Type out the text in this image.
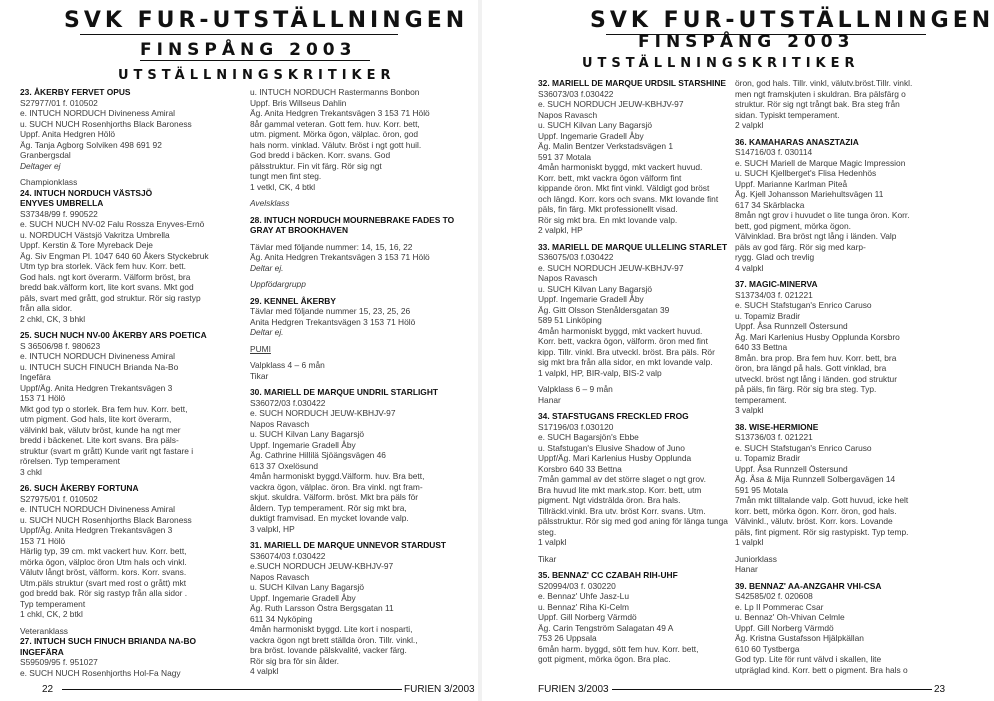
SVK FUR-UTSTÄLLNINGEN
FINSPÅNG 2003
UTSTÄLLNINGSKRITIKER

23. ÅKERBY FERVET OPUS

S27977/01 f. 010502

e. INTUCH NORDUCH Divineness Amiral

u. SUCH NUCH Rosenhjorths Black Baroness

Uppf. Anita Hedgren Hölö

Äg. Tanja Agborg Solviken 498 691 92

Granbergsdal

Deltager ej

Championklass

24. INTUCH NORDUCH VÄSTSJÖ

ENYVES UMBRELLA

S37348/99 f. 990522

e. SUCH NUCH NV-02 Falu Rossza Enyves-Ernö

u. NORDUCH Västsjö Vakritza Umbrella

Uppf. Kerstin & Tore Myreback Deje

Äg. Siv Engman Pl. 1047 640 60 Åkers Styckebruk

Utm typ bra storlek. Väck fem huv. Korr. bett.

God hals. ngt kort överarm. Välform bröst, bra

bredd bak.välform kort, lite kort svans. Mkt god

päls, svart med grått, god struktur. Rör sig rastyp

från alla sidor.

2 chkl, CK, 3 bhkl

25. SUCH NUCH NV-00 ÅKERBY ARS POETICA

S 36506/98 f. 980623

e. INTUCH NORDUCH Divineness Amiral

u. INTUCH SUCH FINUCH Brianda Na-Bo

Ingefära

Uppf/Äg. Anita Hedgren Trekantsvägen 3

153 71 Hölö

Mkt god typ o storlek. Bra fem huv. Korr. bett,

utm pigment. God hals, lite kort överarm,

välvinkl bak, välutv bröst, kunde ha ngt mer

bredd i bäckenet. Lite kort svans. Bra päls-

struktur (svart m grått) Kunde varit ngt fastare i

rörelsen. Typ temperament

3 chkl

26. SUCH ÅKERBY FORTUNA

S27975/01 f. 010502

e. INTUCH NORDUCH Divineness Amiral

u. SUCH NUCH Rosenhjorths Black Baroness

Uppf/Äg. Anita Hedgren Trekantsvägen 3

153 71 Hölö

Härlig typ, 39 cm. mkt vackert huv. Korr. bett,

mörka ögon, välploc öron Utm hals och vinkl.

Välutv långt bröst, välform. kors. Korr. svans.

Utm.päls struktur (svart med rost o grått) mkt

god bredd bak. Rör sig rastyp från alla sidor .

Typ temperament

1 chkl, CK, 2 btkl

Veteranklass

27. INTUCH SUCH FINUCH BRIANDA NA-BO

INGEFÄRA

S59509/95 f. 951027

e. SUCH NUCH Rosenhjorths Hol-Fa Nagy

u. INTUCH NORDUCH Rastermanns Bonbon

Uppf. Bris Willseus Dahlin

Äg. Anita Hedgren Trekantsvägen 3 153 71 Hölö

8år gammal veteran. Gott fem. huv. Korr. bett,

utm. pigment. Mörka ögon, välplac. öron, god

hals norm. vinklad. Välutv. Bröst i ngt gott huil.

God bredd i bäcken. Korr. svans. God

pälsstruktur. Fin vit färg. Rör sig ngt

tungt men fint steg.

1 vetkl, CK, 4 btkl

Avelsklass

28. INTUCH NORDUCH MOURNEBRAKE FADES TO

GRAY AT BROOKHAVEN

Tävlar med följande nummer: 14, 15, 16, 22

Äg. Anita Hedgren Trekantsvägen 3 153 71 Hölö

Deltar ej.

Uppfödargrupp

29. KENNEL ÅKERBY

Tävlar med följande nummer 15, 23, 25, 26

Anita Hedgren Trekantsvägen 3 153 71 Hölö

Deltar ej.

PUMI

Valpklass 4 – 6 mån

Tikar

30. MARIELL DE MARQUE UNDRIL STARLIGHT

S36072/03 f.030422

e. SUCH NORDUCH JEUW-KBHJV-97

Napos Ravasch

u. SUCH Kilvan Lany Bagarsjö

Uppf. Ingemarie Gradell Åby

Äg. Cathrine Hillilä Sjöängsvägen 46

613 37 Oxelösund

4mån harmoniskt byggd.Välform. huv. Bra bett,

vackra ögon, välplac. öron. Bra vinkl. ngt fram-

skjut. skuldra. Välform. bröst. Mkt bra päls för

åldern. Typ temperament. Rör sig mkt bra,

duktigt framvisad. En mycket lovande valp.

3 valpkl, HP

31. MARIELL DE MARQUE UNNEVOR STARDUST

S36074/03 f.030422

e.SUCH NORDUCH JEUW-KBHJV-97

Napos Ravasch

u. SUCH Kilvan Lany Bagarsjö

Uppf. Ingemarie Gradell Åby

Äg. Ruth Larsson Östra Bergsgatan 11

611 34 Nyköping

4mån harmoniskt byggd. Lite kort i nosparti,

vackra ögon ngt brett ställda öron. Tillr. vinkl.,

bra bröst. lovande pälskvalité, vacker färg.

Rör sig bra för sin ålder.

4 valpkl

22	FURIEN 3/2003
SVK FUR-UTSTÄLLNINGEN
FINSPÅNG 2003
UTSTÄLLNINGSKRITIKER

32. MARIELL DE MARQUE URDSIL STARSHINE

S36073/03 f.030422

e. SUCH NORDUCH JEUW-KBHJV-97

Napos Ravasch

u. SUCH Kilvan Lany Bagarsjö

Uppf. Ingemarie Gradell Åby

Äg. Malin Bentzer Verkstadsvägen 1

591 37 Motala

4mån harmoniskt byggd, mkt vackert huvud.

Korr. bett, mkt vackra ögon välform fint

kippande öron. Mkt fint vinkl. Väldigt god bröst

och längd. Korr. kors och svans. Mkt lovande fint

päls, fin färg. Mkt professionellt visad.

Rör sig mkt bra. En mkt lovande valp.

2 valpkl, HP

33. MARIELL DE MARQUE ULLELING STARLET

S36075/03 f.030422

e. SUCH NORDUCH JEUW-KBHJV-97

Napos Ravasch

u. SUCH Kilvan Lany Bagarsjö

Uppf. Ingemarie Gradell Åby

Äg. Gitt Olsson Stenåldersgatan 39

589 51 Linköping

4mån harmoniskt byggd, mkt vackert huvud.

Korr. bett, vackra ögon, välform. öron med fint

kipp. Tillr. vinkl. Bra utveckl. bröst. Bra päls. Rör

sig mkt bra från alla sidor, en mkt lovande valp.

1 valpkl, HP, BIR-valp, BIS-2 valp

Valpklass 6 – 9 mån

Hanar

34. STAFSTUGANS FRECKLED FROG

S17196/03 f.030120

e. SUCH Bagarsjön's Ebbe

u. Stafstugan's Elusive Shadow of Juno

Uppf/Äg. Mari Karlenius Husby Opplunda

Korsbro 640 33 Bettna

7mån gammal av det större slaget o ngt grov.

Bra huvud lite mkt mark.stop. Korr. bett, utm

pigment. Ngt vidsträlda öron. Bra hals.

Tillräckl.vinkl. Bra utv. bröst Korr. svans. Utm.

pälsstruktur. Rör sig med god aning för länga tunga

steg.

1 valpkl

Tikar

35. BENNAZ' CC CZABAH RIH-UHF

S20994/03 f. 030220

e. Bennaz' Uhfe Jasz-Lu

u. Bennaz' Riha Ki-Celm

Uppf. Gill Norberg Värmdö

Äg. Carin Tengström Salagatan 49 A

753 26 Uppsala

6mån harm. byggd, sött fem huv. Korr. bett,

gott pigment, mörka ögon. Bra plac.

öron, god hals. Tillr. vinkl, välutv.bröst.Tillr. vinkl.

men ngt framskjuten i skuldran. Bra pälsfärg o

struktur. Rör sig ngt trångt bak. Bra steg från

sidan. Typiskt temperament.

2 valpkl

36. KAMAHARAS ANASZTAZIA

S14716/03 f. 030114

e. SUCH Mariell de Marque Magic Impression

u. SUCH Kjellberget's Flisa Hedenhös

Uppf. Marianne Karlman Piteå

Äg. Kjell Johansson Mariehultsvägen 11

617 34 Skärblacka

8mån ngt grov i huvudet o lite tunga öron. Korr.

bett, god pigment, mörka ögon.

Välvinklad. Bra bröst ngt lång i länden. Valp

päls av god färg. Rör sig med karp-

rygg. Glad och trevlig

4 valpkl

37. MAGIC-MINERVA

S13734/03 f. 021221

e. SUCH Stafstugan's Enrico Caruso

u. Topamiz Bradir

Uppf. Åsa Runnzell Östersund

Äg. Mari Karlenius Husby Opplunda Korsbro

640 33 Bettna

8mån. bra prop. Bra fem huv. Korr. bett, bra

öron, bra längd på hals. Gott vinklad, bra

utveckl. bröst ngt lång i länden. god struktur

på päls, fin färg. Rör sig bra steg. Typ.

temperament.

3 valpkl

38. WISE-HERMIONE

S13736/03 f. 021221

e. SUCH Stafstugan's Enrico Caruso

u. Topamiz Bradir

Uppf. Åsa Runnzell Östersund

Äg. Åsa & Mija Runnzell Solbergavägen 14

591 95 Motala

7mån mkt tilltalande valp. Gott huvud, icke helt

korr. bett, mörka ögon. Korr. öron, god hals.

Välvinkl., välutv. bröst. Korr. kors. Lovande

päls, fint pigment. Rör sig rastypiskt. Typ temp.

1 valpkl

Juniorklass

Hanar

39. BENNAZ' AA-ANZGAHR VHI-CSA

S42585/02 f. 020608

e. Lp II Pommerac Csar

u. Bennaz' Oh-Vhivan Celmle

Uppf. Gill Norberg Värmdö

Äg. Kristna Gustafsson Hjälpkällan

610 60 Tystberga

God typ. Lite för runt välvd i skallen, lite

utpräglad kind. Korr. bett o pigment. Bra hals o

FURIEN 3/2003	23
